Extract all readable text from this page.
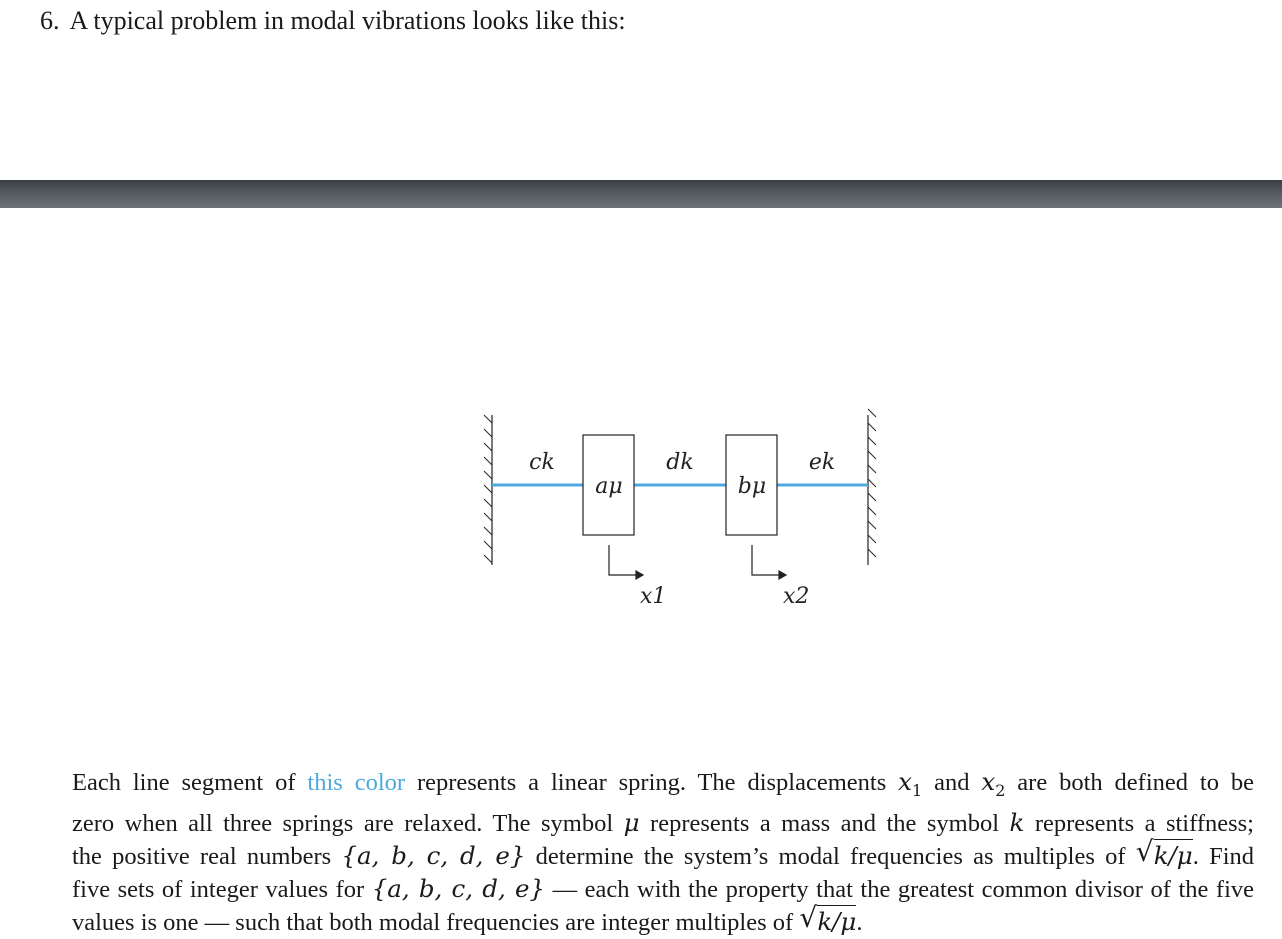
6. A typical problem in modal vibrations looks like this:
ck	dk	ek
aμ	bμ
x1	x2
Each line segment of this color represents a linear spring. The displacements $x_1$ and $x_2$ are both defined to be
zero when all three springs are relaxed. The symbol μ represents a mass and the symbol k represents a stiffness;
the positive real numbers {a, b, c, d, e} determine the system’s modal frequencies as multiples of √ k/μ. Find
five sets of integer values for {a, b, c, d, e} — each with the property that the greatest common divisor of the five
values is one — such that both modal frequencies are integer multiples of √ k/μ.
